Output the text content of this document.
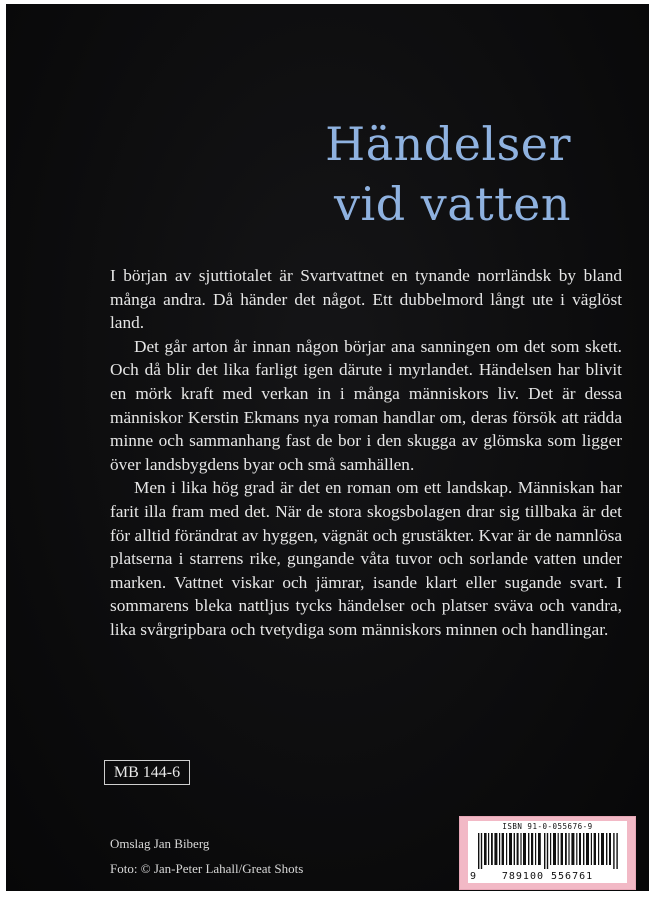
Händelser
vid vatten

I början av sjuttiotalet är Svartvattnet en tynande norrländsk by bland många andra. Då händer det något. Ett dubbelmord långt ute i väglöst land.

Det går arton år innan någon börjar ana sanningen om det som skett. Och då blir det lika farligt igen därute i myrlandet. Händelsen har blivit en mörk kraft med verkan in i många människors liv. Det är dessa människor Kerstin Ekmans nya roman handlar om, deras försök att rädda minne och sammanhang fast de bor i den skugga av glömska som ligger över landsbygdens byar och små samhällen.

Men i lika hög grad är det en roman om ett landskap. Människan har farit illa fram med det. När de stora skogsbolagen drar sig tillbaka är det för alltid förändrat av hyggen, vägnät och grustäkter. Kvar är de namnlösa platserna i starrens rike, gungande våta tuvor och sorlande vatten under marken. Vattnet viskar och jämrar, isande klart eller sugande svart. I sommarens bleka nattljus tycks händelser och platser sväva och vandra, lika svårgripbara och tvetydiga som människors minnen och handlingar.

MB 144-6
Omslag Jan Biberg
Foto: © Jan-Peter Lahall/Great Shots
ISBN 91-0-055676-9
9 789100 556761
